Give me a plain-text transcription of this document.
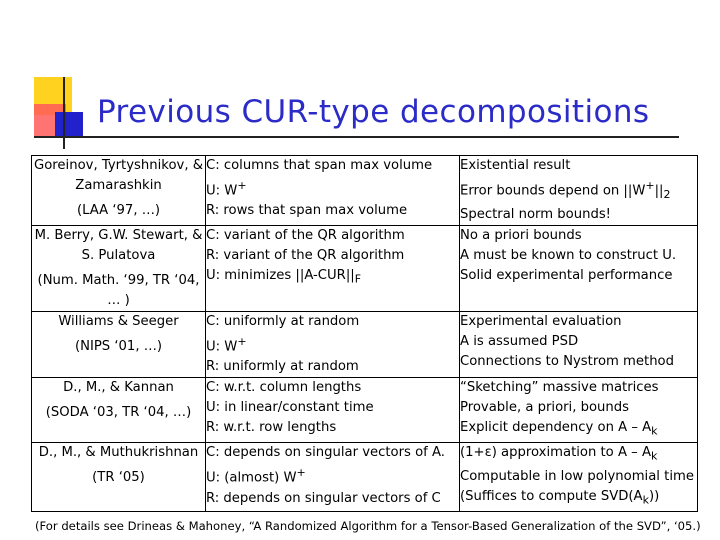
Previous CUR-type decompositions
Goreinov, Tyrtyshnikov, & Zamarashkin
(LAA ‘97, …)	C: columns that span max volume
U: W+
R: rows that span max volume	Existential result
Error bounds depend on $||W^+||_2$
Spectral norm bounds!

M. Berry, G.W. Stewart, & S. Pulatova
(Num. Math. ‘99, TR ‘04, … )	C: variant of the QR algorithm
R: variant of the QR algorithm
U: minimizes $||A-CUR||_F$	No a priori bounds
A must be known to construct U.
Solid experimental performance

Williams & Seeger
(NIPS ‘01, …)	C: uniformly at random
U: W+
R: uniformly at random	Experimental evaluation
A is assumed PSD
Connections to Nystrom method

D., M., & Kannan
(SODA ‘03, TR ‘04, …)	C: w.r.t. column lengths
U: in linear/constant time
R: w.r.t. row lengths	“Sketching” massive matrices
Provable, a priori, bounds
Explicit dependency on A – $A_k$

D., M., & Muthukrishnan
(TR ‘05)	C: depends on singular vectors of A.
U: (almost) W+
R: depends on singular vectors of C	(1+ε) approximation to A – $A_k$
Computable in low polynomial time
(Suffices to compute $SVD(A_k)$)
(For details see Drineas & Mahoney, “A Randomized Algorithm for a Tensor-Based Generalization of the SVD”, ‘05.)
